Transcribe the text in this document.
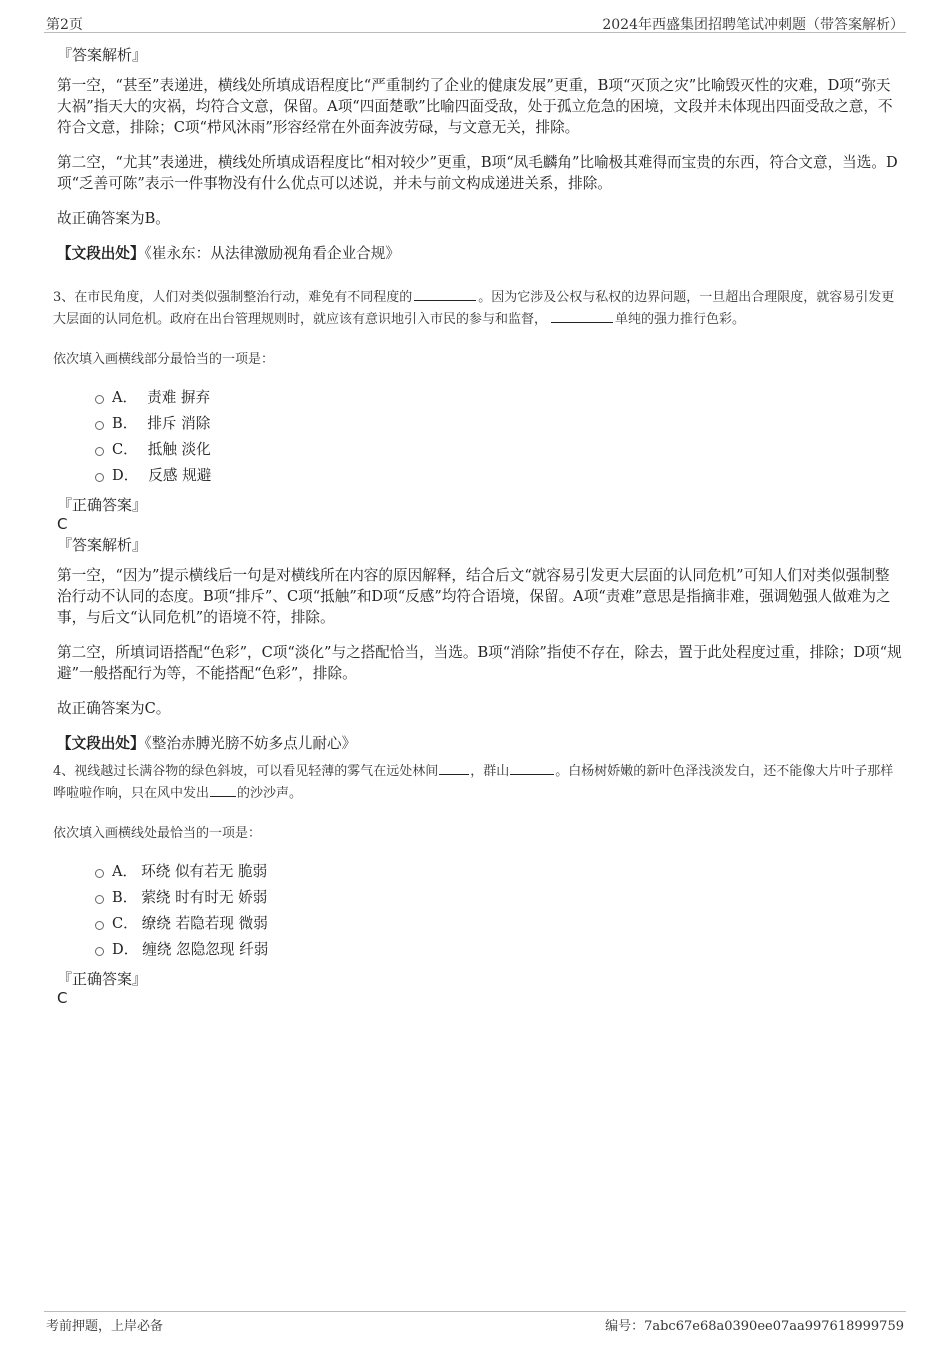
第2页	2024年西盛集团招聘笔试冲刺题（带答案解析）
『答案解析』
第一空，“甚至”表递进，横线处所填成语程度比“严重制约了企业的健康发展”更重，B项“灭顶之灾”比喻毁灭性的灾难，D项“弥天大祸”指天大的灾祸，均符合文意，保留。A项“四面楚歌”比喻四面受敌，处于孤立危急的困境，文段并未体现出四面受敌之意，不符合文意，排除；C项“栉风沐雨”形容经常在外面奔波劳碌，与文意无关，排除。
第二空，“尤其”表递进，横线处所填成语程度比“相对较少”更重，B项“凤毛麟角”比喻极其难得而宝贵的东西，符合文意，当选。D项“乏善可陈”表示一件事物没有什么优点可以述说，并未与前文构成递进关系，排除。
故正确答案为B。
【文段出处】《崔永东：从法律激励视角看企业合规》
3、在市民角度，人们对类似强制整治行动，难免有不同程度的	。因为它涉及公权与私权的边界问题，一旦超出合理限度，就容易引发更大层面的认同危机。政府在出台管理规则时，就应该有意识地引入市民的参与和监督，	单纯的强力推行色彩。
依次填入画横线部分最恰当的一项是：
A． 责难 摒弃
B． 排斥 消除
C． 抵触 淡化
D． 反感 规避
『正确答案』
C
『答案解析』
第一空，“因为”提示横线后一句是对横线所在内容的原因解释，结合后文“就容易引发更大层面的认同危机”可知人们对类似强制整治行动不认同的态度。B项“排斥”、C项“抵触”和D项“反感”均符合语境，保留。A项“责难”意思是指摘非难，强调勉强人做难为之事，与后文“认同危机”的语境不符，排除。
第二空，所填词语搭配“色彩”，C项“淡化”与之搭配恰当，当选。B项“消除”指使不存在，除去，置于此处程度过重，排除；D项“规避”一般搭配行为等，不能搭配“色彩”，排除。
故正确答案为C。
【文段出处】《整治赤膊光膀不妨多点儿耐心》
4、视线越过长满谷物的绿色斜坡，可以看见轻薄的雾气在远处林间 ，群山	。白杨树娇嫩的新叶色泽浅淡发白，还不能像大片叶子那样哗啦啦作响，只在风中发出 的沙沙声。
依次填入画横线处最恰当的一项是：
A． 环绕 似有若无 脆弱
B． 萦绕 时有时无 娇弱
C． 缭绕 若隐若现 微弱
D． 缠绕 忽隐忽现 纤弱
『正确答案』
C
考前押题，上岸必备	编号：7abc67e68a0390ee07aa997618999759
